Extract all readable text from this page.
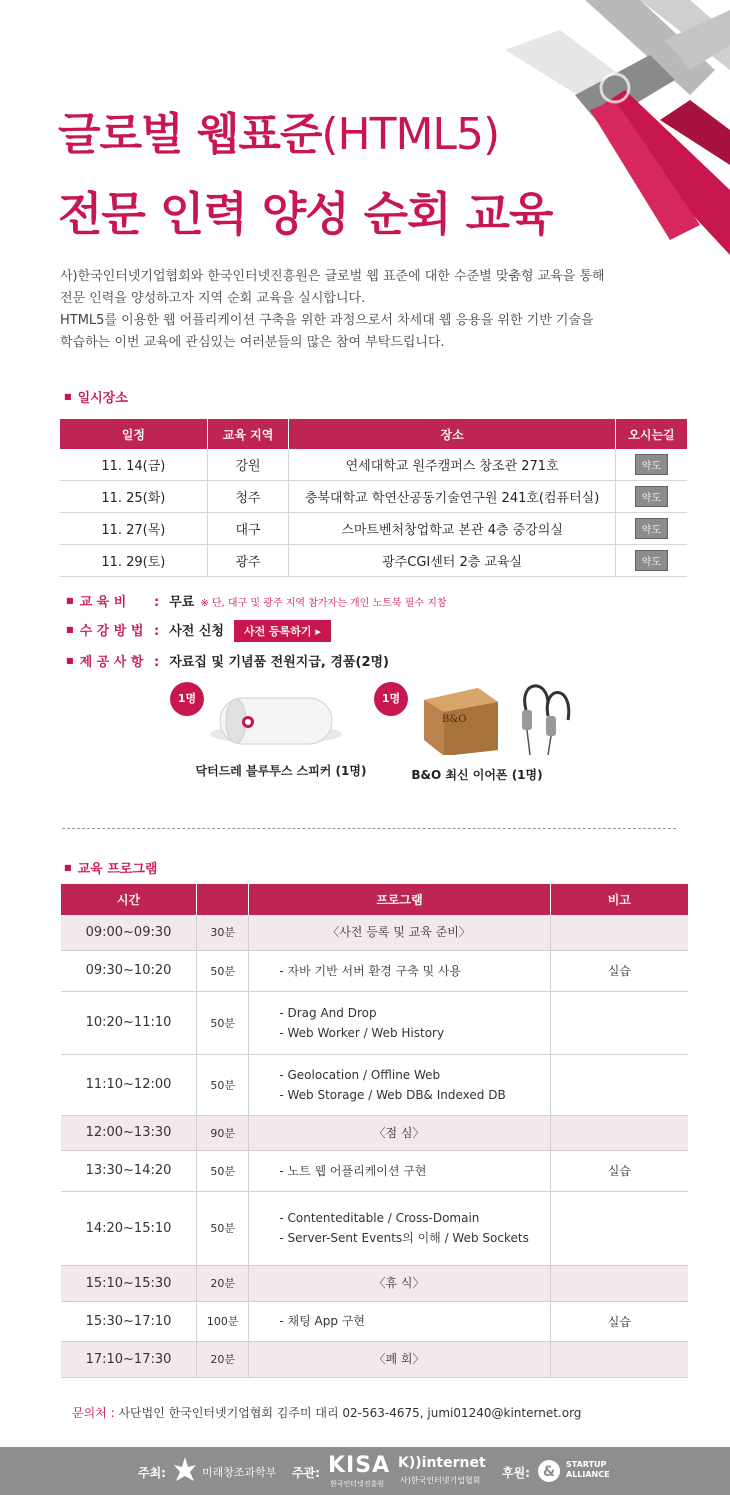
글로벌 웹표준(HTML5)
전문 인력 양성 순회 교육

사)한국인터넷기업협회와 한국인터넷진흥원은 글로벌 웹 표준에 대한 수준별 맞춤형 교육을 통해

전문 인력을 양성하고자 지역 순회 교육을 실시합니다.

HTML5를 이용한 웹 어플리케이션 구축을 위한 과정으로서 차세대 웹 응용을 위한 기반 기술을

학습하는 이번 교육에 관심있는 여러분들의 많은 참여 부탁드립니다.

■ 일시장소
일정	교육 지역	장소	오시는길
11. 14(금)	강원	연세대학교 원주캠퍼스 창조관 271호	약도
11. 25(화)	청주	충북대학교 학연산공동기술연구원 241호(컴퓨터실)	약도
11. 27(목)	대구	스마트벤처창업학교 본관 4층 중강의실	약도
11. 29(토)	광주	광주CGI센터 2층 교육실	약도
■ 교 육 비 : 무료 ※ 단, 대구 및 광주 지역 참가자는 개인 노트북 필수 지참
■ 수 강 방 법 : 사전 신청 사전 등록하기 ▸
■ 제 공 사 항 : 자료집 및 기념품 전원지급, 경품(2명)
1명
닥터드레 블루투스 스피커 (1명)
B&O
1명
B&O 최신 이어폰 (1명)
■ 교육 프로그램
시간		프로그램	비고
09:00~09:30	30분	〈사전 등록 및 교육 준비〉	

09:30~10:20	50분	- 자바 기반 서버 환경 구축 및 사용	실습
10:20~11:10	50분	- Drag And Drop
- Web Worker / Web History	

11:10~12:00	50분	- Geolocation / Offline Web
- Web Storage / Web DB& Indexed DB	

12:00~13:30	90분	〈점 심〉	

13:30~14:20	50분	- 노트 웹 어플리케이션 구현	실습
14:20~15:10	50분	- Contenteditable / Cross-Domain
- Server-Sent Events의 이해 / Web Sockets	

15:10~15:30	20분	〈휴 식〉	

15:30~17:10	100분	- 채팅 App 구현	실습
17:10~17:30	20분	〈폐 회〉	

문의처 : 사단법인 한국인터넷기업협회 김주미 대리 02-563-4675, jumi01240@kinternet.org
주최:	미래창조과학부 주관: KISA
한국인터넷진흥원
K))internet
사)한국인터넷기업협회
후원: & STARTUP
ALLIANCE
